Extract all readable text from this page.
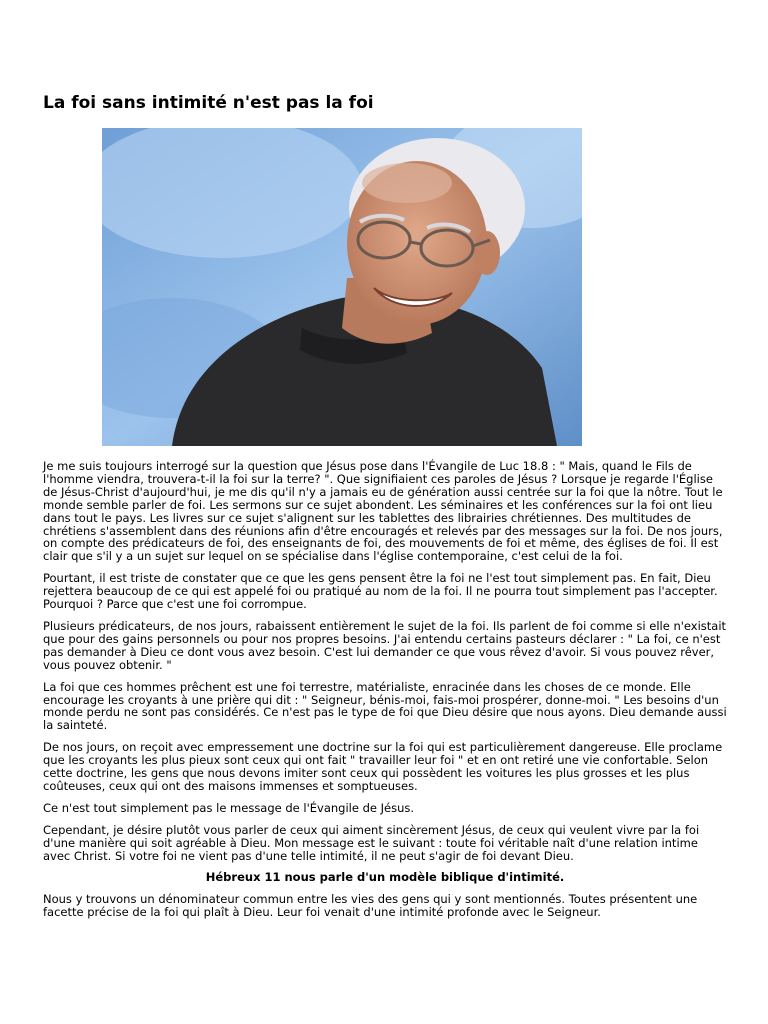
La foi sans intimité n'est pas la foi

Je me suis toujours interrogé sur la question que Jésus pose dans l'Évangile de Luc 18.8 : " Mais, quand le Fils de l'homme viendra, trouvera-t-il la foi sur la terre? ". Que signifiaient ces paroles de Jésus ? Lorsque je regarde l'Église de Jésus-Christ d'aujourd'hui, je me dis qu'il n'y a jamais eu de génération aussi centrée sur la foi que la nôtre. Tout le monde semble parler de foi. Les sermons sur ce sujet abondent. Les séminaires et les conférences sur la foi ont lieu dans tout le pays. Les livres sur ce sujet s'alignent sur les tablettes des librairies chrétiennes. Des multitudes de chrétiens s'assemblent dans des réunions afin d'être encouragés et relevés par des messages sur la foi. De nos jours, on compte des prédicateurs de foi, des enseignants de foi, des mouvements de foi et même, des églises de foi. Il est clair que s'il y a un sujet sur lequel on se spécialise dans l'église contemporaine, c'est celui de la foi.

Pourtant, il est triste de constater que ce que les gens pensent être la foi ne l'est tout simplement pas. En fait, Dieu rejettera beaucoup de ce qui est appelé foi ou pratiqué au nom de la foi. Il ne pourra tout simplement pas l'accepter. Pourquoi ? Parce que c'est une foi corrompue.

Plusieurs prédicateurs, de nos jours, rabaissent entièrement le sujet de la foi. Ils parlent de foi comme si elle n'existait que pour des gains personnels ou pour nos propres besoins. J'ai entendu certains pasteurs déclarer : " La foi, ce n'est pas demander à Dieu ce dont vous avez besoin. C'est lui demander ce que vous rêvez d'avoir. Si vous pouvez rêver, vous pouvez obtenir. "

La foi que ces hommes prêchent est une foi terrestre, matérialiste, enracinée dans les choses de ce monde. Elle encourage les croyants à une prière qui dit : " Seigneur, bénis-moi, fais-moi prospérer, donne-moi. " Les besoins d'un monde perdu ne sont pas considérés. Ce n'est pas le type de foi que Dieu désire que nous ayons. Dieu demande aussi la sainteté.

De nos jours, on reçoit avec empressement une doctrine sur la foi qui est particulièrement dangereuse. Elle proclame que les croyants les plus pieux sont ceux qui ont fait " travailler leur foi " et en ont retiré une vie confortable. Selon cette doctrine, les gens que nous devons imiter sont ceux qui possèdent les voitures les plus grosses et les plus coûteuses, ceux qui ont des maisons immenses et somptueuses.

Ce n'est tout simplement pas le message de l'Évangile de Jésus.

Cependant, je désire plutôt vous parler de ceux qui aiment sincèrement Jésus, de ceux qui veulent vivre par la foi d'une manière qui soit agréable à Dieu. Mon message est le suivant : toute foi véritable naît d'une relation intime avec Christ. Si votre foi ne vient pas d'une telle intimité, il ne peut s'agir de foi devant Dieu.

Hébreux 11 nous parle d'un modèle biblique d'intimité.

Nous y trouvons un dénominateur commun entre les vies des gens qui y sont mentionnés. Toutes présentent une facette précise de la foi qui plaît à Dieu. Leur foi venait d'une intimité profonde avec le Seigneur.
